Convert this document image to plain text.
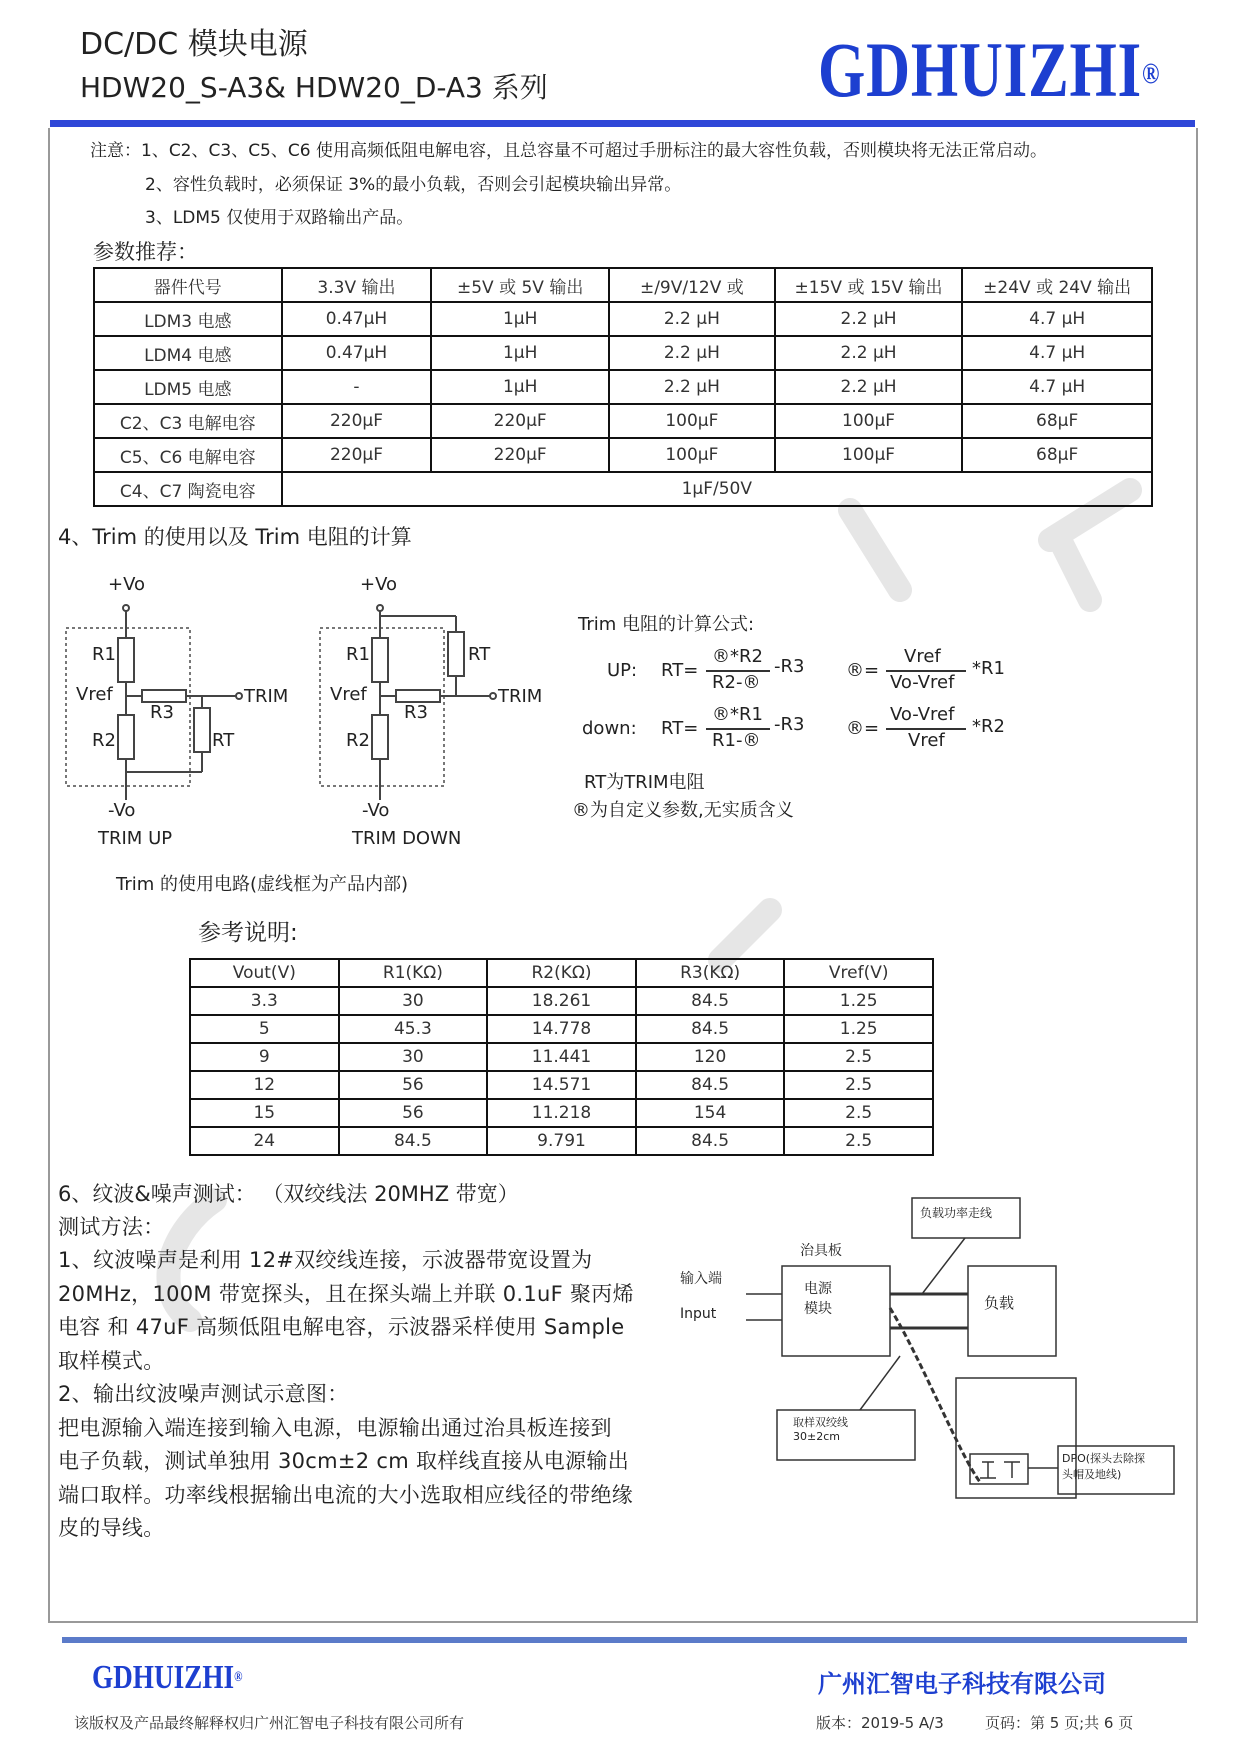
DC/DC 模块电源
HDW20_S-A3& HDW20_D-A3 系列	GDHUIZHI®
注意：1、C2、C3、C5、C6 使用高频低阻电解电容，且总容量不可超过手册标注的最大容性负载，否则模块将无法正常启动。
2、容性负载时，必须保证 3%的最小负载，否则会引起模块输出异常。
3、LDM5 仅使用于双路输出产品。
参数推荐：
器件代号	3.3V 输出	±5V 或 5V 输出	±/9V/12V 或	±15V 或 15V 输出	±24V 或 24V 输出
LDM3 电感	0.47μH	1μH	2.2 μH	2.2 μH	4.7 μH
LDM4 电感	0.47μH	1μH	2.2 μH	2.2 μH	4.7 μH
LDM5 电感	-	1μH	2.2 μH	2.2 μH	4.7 μH
C2、C3 电解电容	220μF	220μF	100μF	100μF	68μF
C5、C6 电解电容	220μF	220μF	100μF	100μF	68μF
C4、C7 陶瓷电容	1μF/50V				
4、Trim 的使用以及 Trim 电阻的计算
+Vo
R1
Vref
R3
TRIM
R2	RT
-Vo
TRIM UP
+Vo
R1
Vref
R3
TRIM
R2
RT
-Vo
TRIM DOWN
Trim 的使用电路(虚线框为产品内部)
Trim 电阻的计算公式:
UP: RT=
®*R2
R2-®
-R3 ®=
Vref
Vo-Vref
*R1
down: RT=
®*R1
R1-®
-R3 ®=
Vo-Vref
Vref
*R2
RT为TRIM电阻
®为自定义参数,无实质含义
参考说明:
Vout(V)	R1(KΩ)	R2(KΩ)	R3(KΩ)	Vref(V)
3.3	30	18.261	84.5	1.25
5	45.3	14.778	84.5	1.25
9	30	11.441	120	2.5
12	56	14.571	84.5	2.5
15	56	11.218	154	2.5
24	84.5	9.791	84.5	2.5
6、纹波&噪声测试： （双绞线法 20MHZ 带宽）
测试方法：
1、纹波噪声是利用 12#双绞线连接，示波器带宽设置为
20MHz，100M 带宽探头，且在探头端上并联 0.1uF 聚丙烯
电容 和 47uF 高频低阻电解电容，示波器采样使用 Sample
取样模式。
2、输出纹波噪声测试示意图：
把电源输入端连接到输入电源，电源输出通过治具板连接到
电子负载，测试单独用 30cm±2 cm 取样线直接从电源输出
端口取样。功率线根据输出电流的大小选取相应线径的带绝缘
皮的导线。
负载功率走线
治具板
输入端
Input
电源
模块	负载
取样双绞线
30±2cm
DPO(探头去除探
头帽及地线)
GDHUIZHI®	广州汇智电子科技有限公司
该版权及产品最终解释权归广州汇智电子科技有限公司所有	版本：2019-5 A/3	页码：第 5 页;共 6 页
